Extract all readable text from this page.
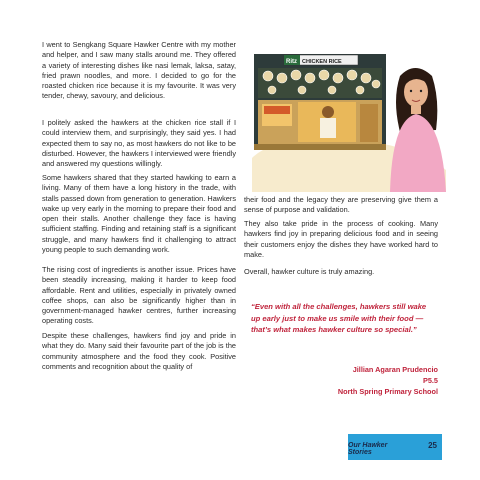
I went to Sengkang Square Hawker Centre with my mother and helper, and I saw many stalls around me. They offered a variety of interesting dishes like nasi lemak, laksa, satay, fried prawn noodles, and more. I decided to go for the roasted chicken rice because it is my favourite. It was very tender, chewy, savoury, and delicious.

I politely asked the hawkers at the chicken rice stall if I could interview them, and surprisingly, they said yes. I had expected them to say no, as most hawkers do not like to be disturbed. However, the hawkers I interviewed were friendly and answered my questions willingly.

Some hawkers shared that they started hawking to earn a living. Many of them have a long history in the trade, with stalls passed down from generation to generation. Hawkers wake up very early in the morning to prepare their food and open their stalls. Another challenge they face is having sufficient staffing. Finding and retaining staff is a significant struggle, and many hawkers find it challenging to attract young people to such demanding work.

The rising cost of ingredients is another issue. Prices have been steadily increasing, making it harder to keep food affordable. Rent and utilities, especially in privately owned coffee shops, can also be significantly higher than in government-managed hawker centres, further increasing operating costs.

Despite these challenges, hawkers find joy and pride in what they do. Many said their favourite part of the job is the community atmosphere and the food they cook. Positive comments and recognition about the quality of

Ritz CHICKEN RICE

their food and the legacy they are preserving give them a sense of purpose and validation.

They also take pride in the process of cooking. Many hawkers find joy in preparing delicious food and in seeing their customers enjoy the dishes they have worked hard to make.

Overall, hawker culture is truly amazing.

“Even with all the challenges, hawkers still wake up early just to make us smile with their food — that’s what makes hawker culture so special.”

Jillian Agaran Prudencio

P5.5

North Spring Primary School

Our Hawker Stories
25
